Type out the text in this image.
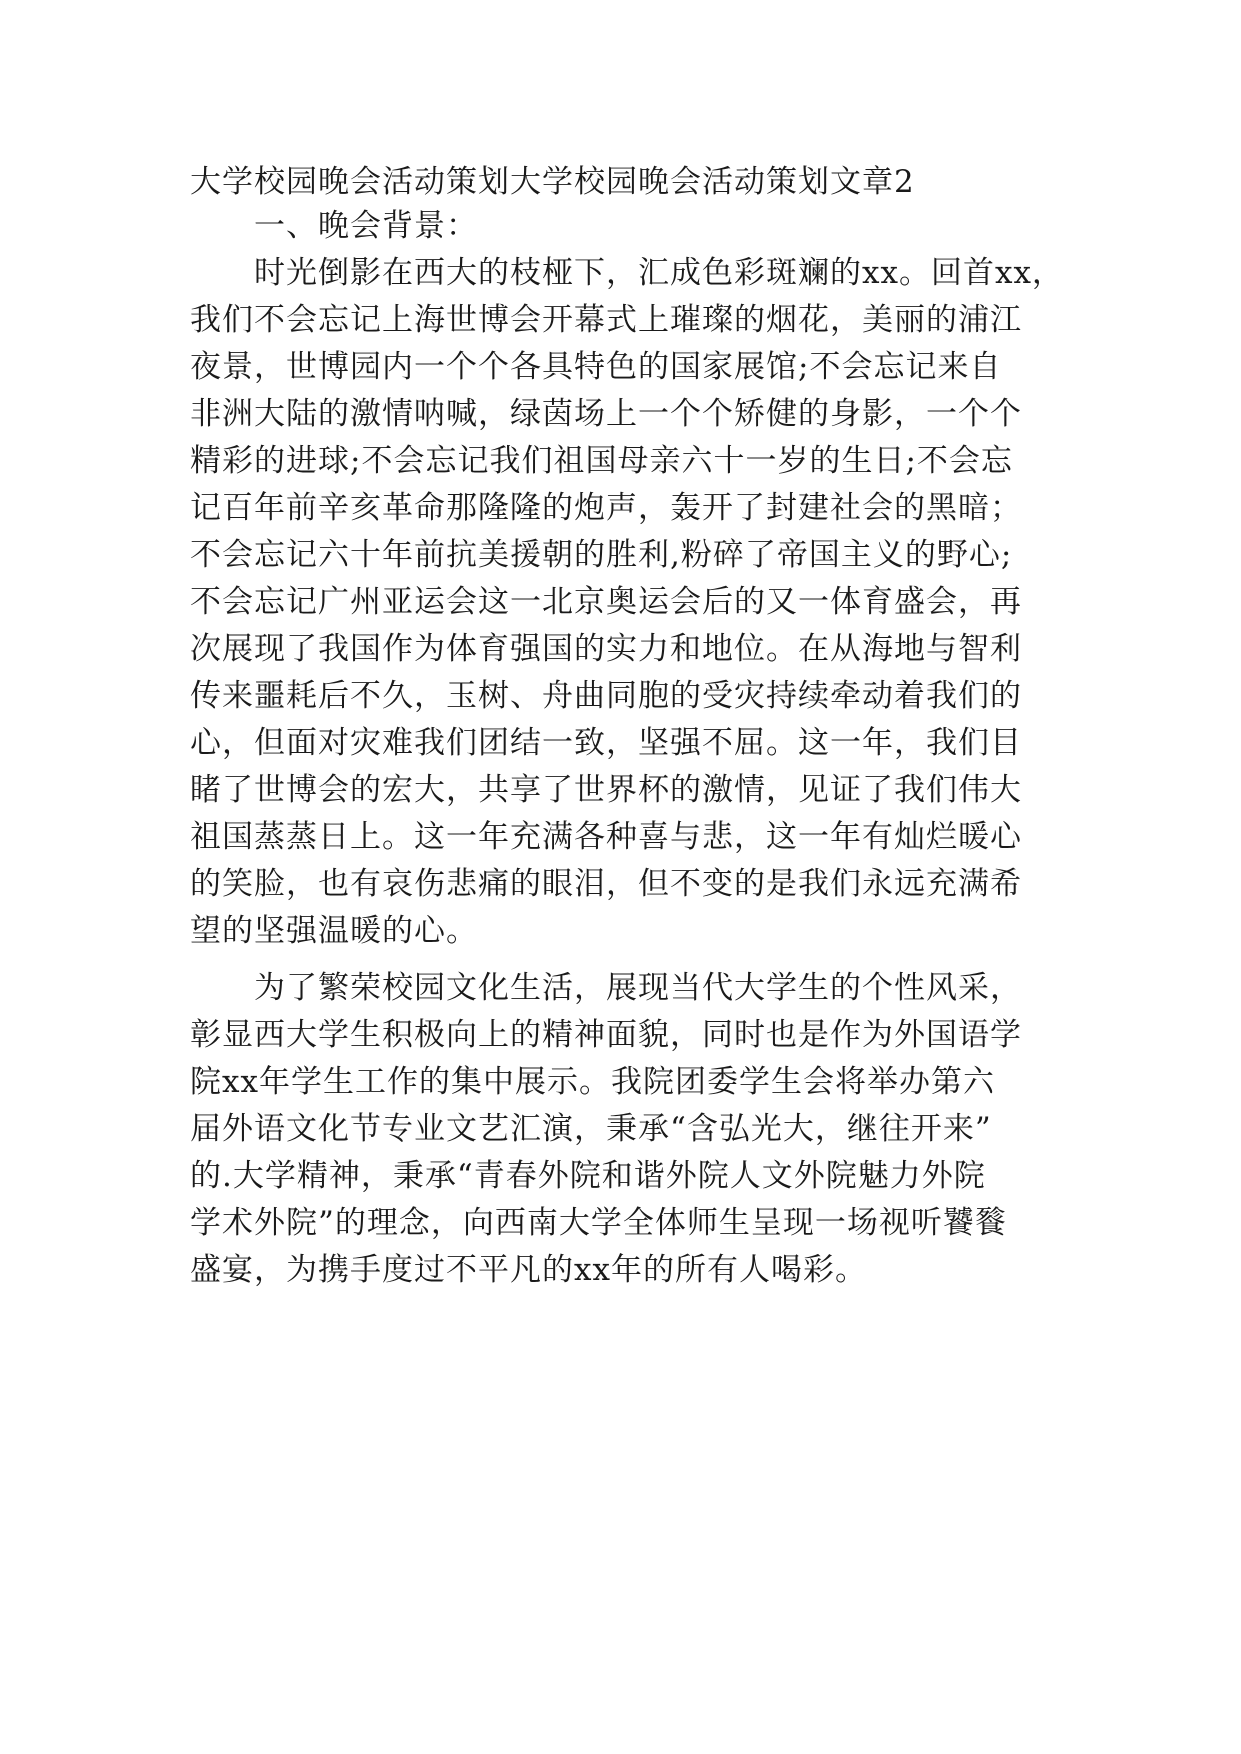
大学校园晚会活动策划大学校园晚会活动策划文章2
一、晚会背景：
时光倒影在西大的枝桠下，汇成色彩斑斓的xx。回首xx，
我们不会忘记上海世博会开幕式上璀璨的烟花，美丽的浦江
夜景，世博园内一个个各具特色的国家展馆;不会忘记来自
非洲大陆的激情呐喊，绿茵场上一个个矫健的身影，一个个
精彩的进球;不会忘记我们祖国母亲六十一岁的生日;不会忘
记百年前辛亥革命那隆隆的炮声，轰开了封建社会的黑暗；
不会忘记六十年前抗美援朝的胜利,粉碎了帝国主义的野心;
不会忘记广州亚运会这一北京奥运会后的又一体育盛会，再
次展现了我国作为体育强国的实力和地位。在从海地与智利
传来噩耗后不久，玉树、舟曲同胞的受灾持续牵动着我们的
心，但面对灾难我们团结一致，坚强不屈。这一年，我们目
睹了世博会的宏大，共享了世界杯的激情，见证了我们伟大
祖国蒸蒸日上。这一年充满各种喜与悲，这一年有灿烂暖心
的笑脸，也有哀伤悲痛的眼泪，但不变的是我们永远充满希
望的坚强温暖的心。
为了繁荣校园文化生活，展现当代大学生的个性风采，
彰显西大学生积极向上的精神面貌，同时也是作为外国语学
院xx年学生工作的集中展示。我院团委学生会将举办第六
届外语文化节专业文艺汇演，秉承“含弘光大，继往开来”
的.大学精神，秉承“青春外院和谐外院人文外院魅力外院
学术外院”的理念，向西南大学全体师生呈现一场视听饕餮
盛宴，为携手度过不平凡的xx年的所有人喝彩。
